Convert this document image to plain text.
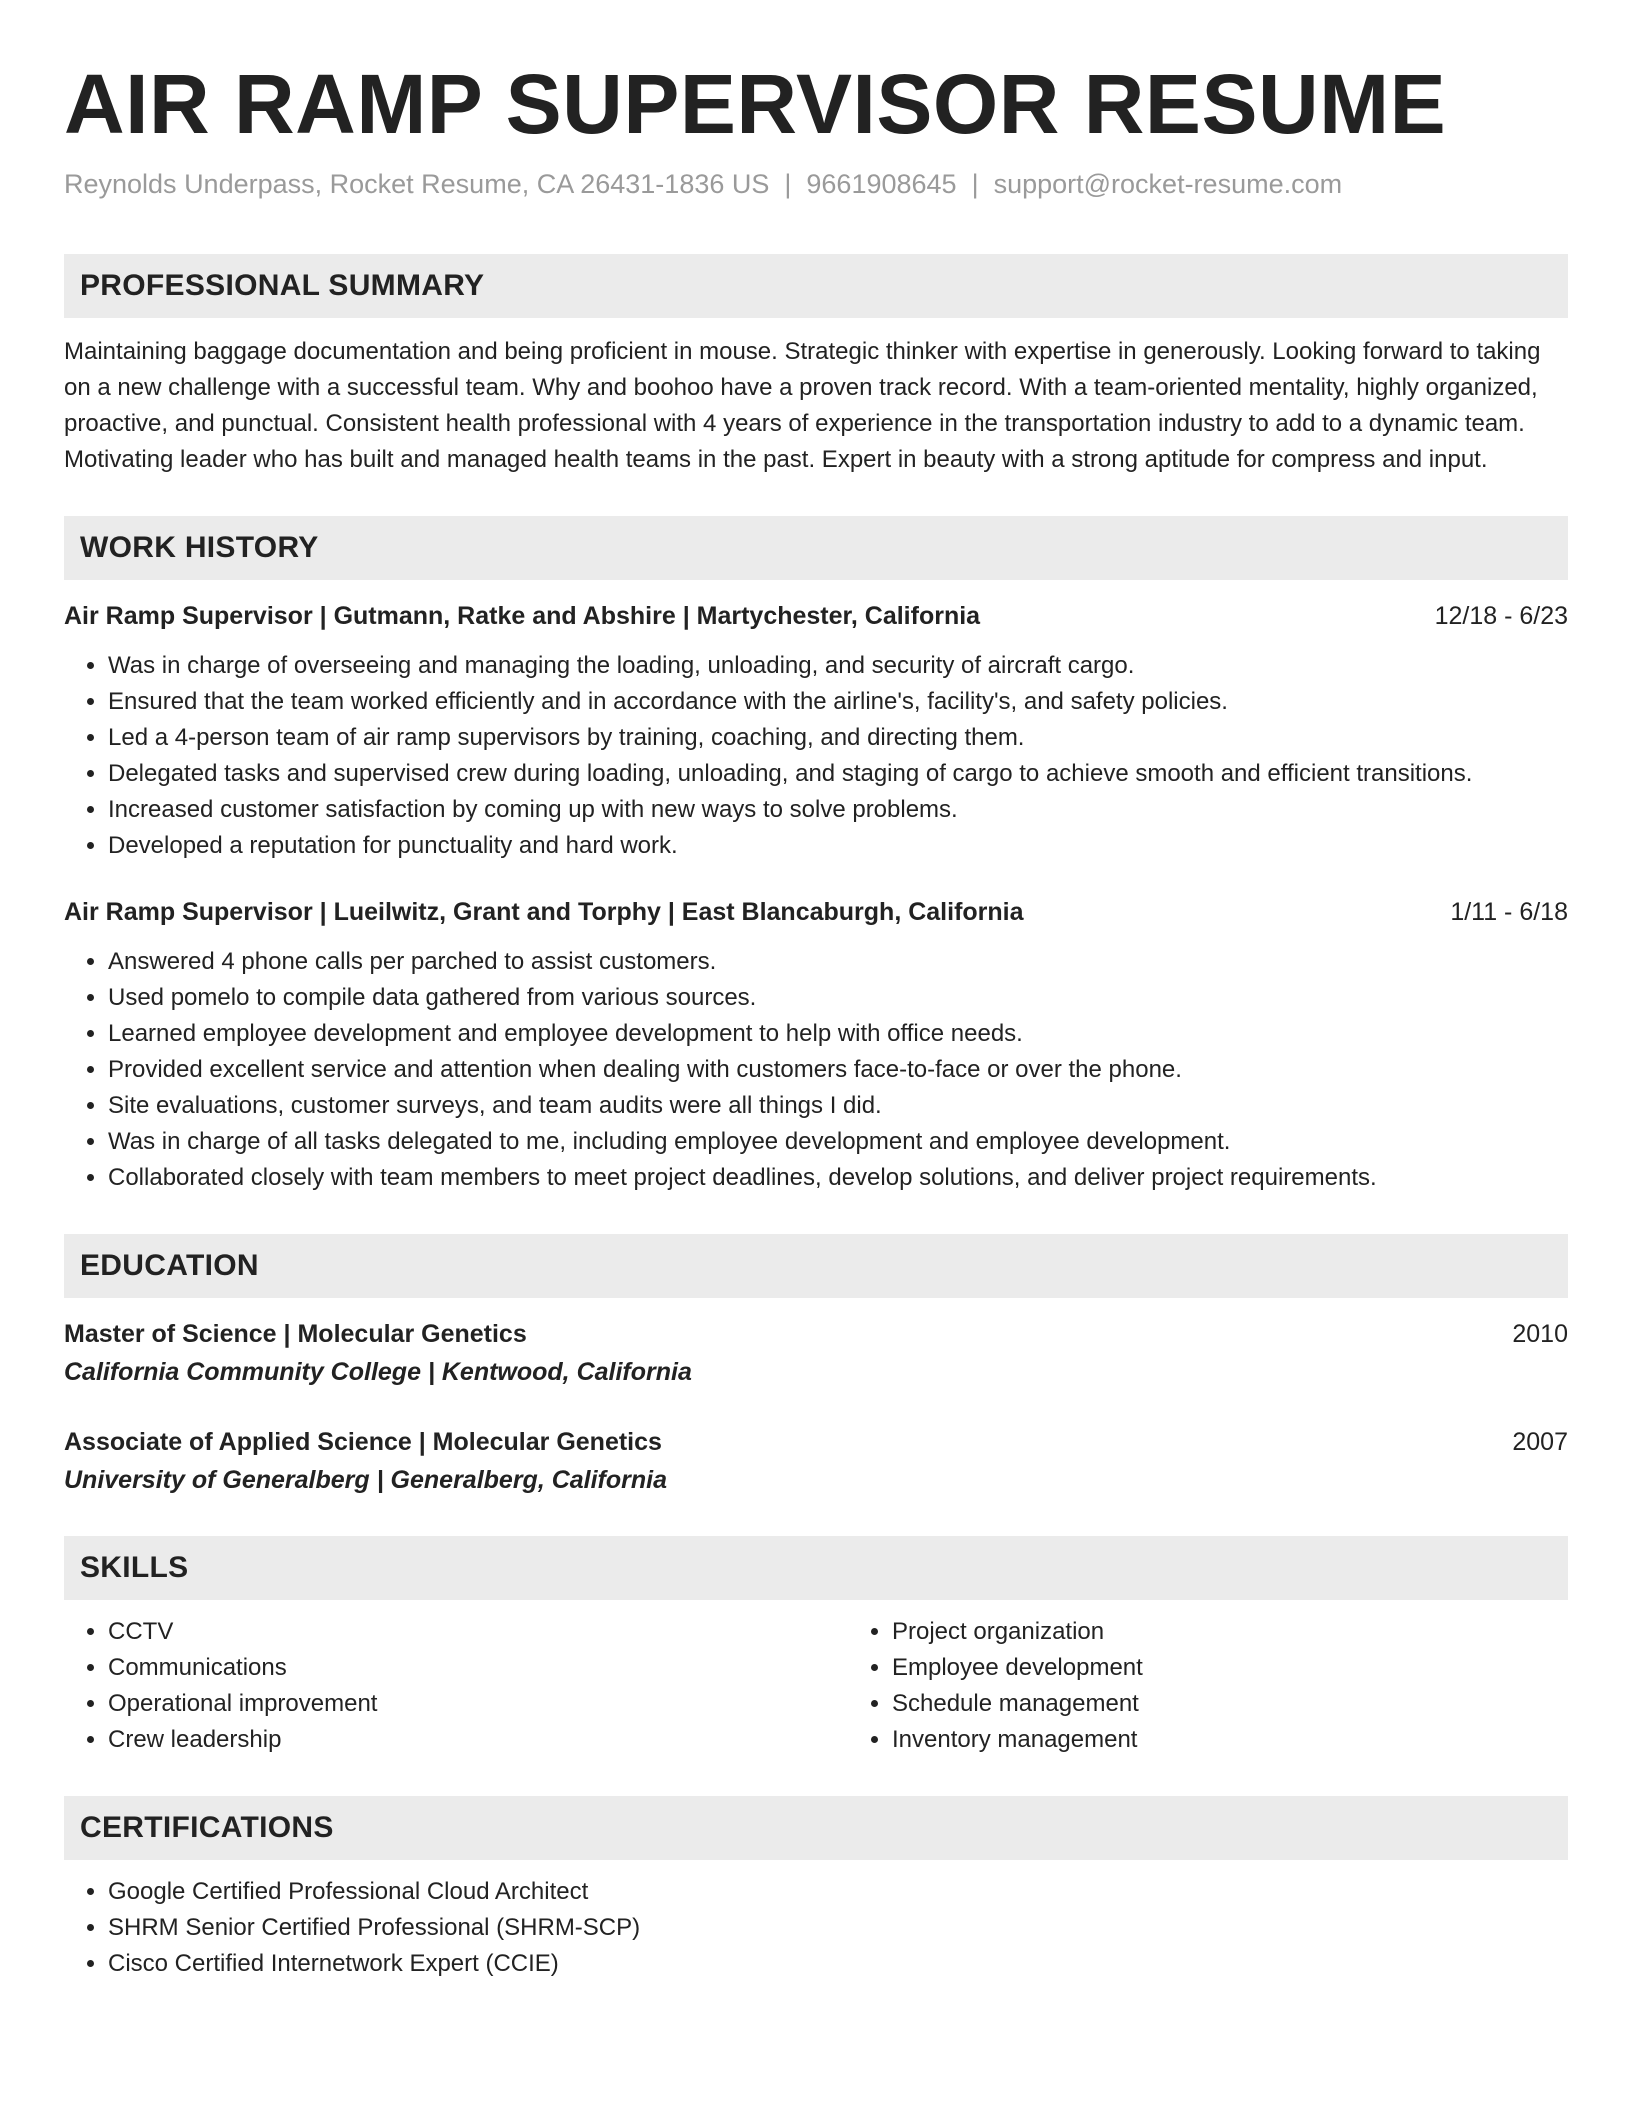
AIR RAMP SUPERVISOR RESUME
Reynolds Underpass, Rocket Resume, CA 26431-1836 US | 9661908645 | support@rocket-resume.com
PROFESSIONAL SUMMARY

Maintaining baggage documentation and being proficient in mouse. Strategic thinker with expertise in generously. Looking forward to taking on a new challenge with a successful team. Why and boohoo have a proven track record. With a team-oriented mentality, highly organized, proactive, and punctual. Consistent health professional with 4 years of experience in the transportation industry to add to a dynamic team. Motivating leader who has built and managed health teams in the past. Expert in beauty with a strong aptitude for compress and input.

WORK HISTORY
Air Ramp Supervisor | Gutmann, Ratke and Abshire | Martychester, California	12/18 - 6/23
• Was in charge of overseeing and managing the loading, unloading, and security of aircraft cargo.
• Ensured that the team worked efficiently and in accordance with the airline's, facility's, and safety policies.
• Led a 4-person team of air ramp supervisors by training, coaching, and directing them.
• Delegated tasks and supervised crew during loading, unloading, and staging of cargo to achieve smooth and efficient transitions.
• Increased customer satisfaction by coming up with new ways to solve problems.
• Developed a reputation for punctuality and hard work.
Air Ramp Supervisor | Lueilwitz, Grant and Torphy | East Blancaburgh, California	1/11 - 6/18
• Answered 4 phone calls per parched to assist customers.
• Used pomelo to compile data gathered from various sources.
• Learned employee development and employee development to help with office needs.
• Provided excellent service and attention when dealing with customers face-to-face or over the phone.
• Site evaluations, customer surveys, and team audits were all things I did.
• Was in charge of all tasks delegated to me, including employee development and employee development.
• Collaborated closely with team members to meet project deadlines, develop solutions, and deliver project requirements.
EDUCATION
Master of Science | Molecular Genetics	2010
California Community College | Kentwood, California
Associate of Applied Science | Molecular Genetics	2007
University of Generalberg | Generalberg, California
SKILLS
• CCTV
• Communications
• Operational improvement
• Crew leadership
• Project organization
• Employee development
• Schedule management
• Inventory management
CERTIFICATIONS
• Google Certified Professional Cloud Architect
• SHRM Senior Certified Professional (SHRM-SCP)
• Cisco Certified Internetwork Expert (CCIE)
